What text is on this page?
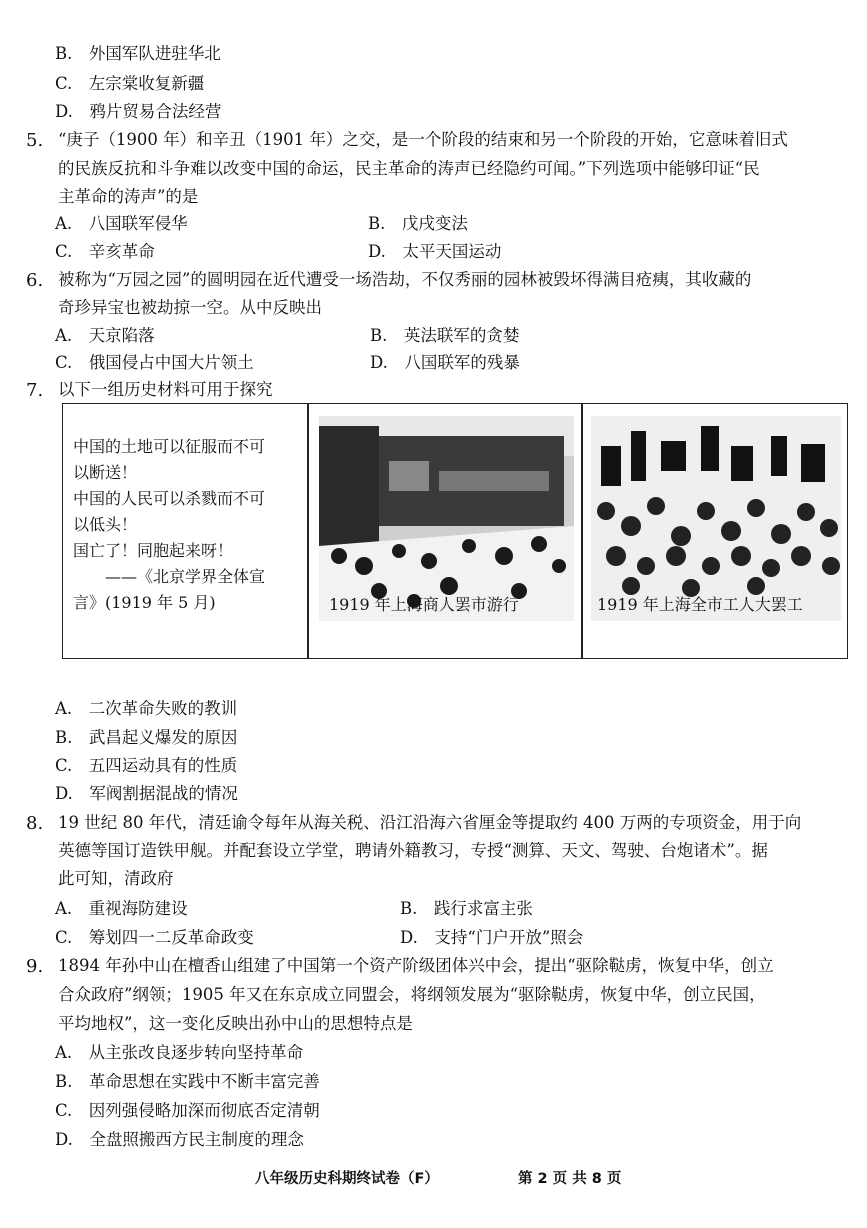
B.　外国军队进驻华北
C.　左宗棠收复新疆
D.　鸦片贸易合法经营
5. “庚子（1900 年）和辛丑（1901 年）之交，是一个阶段的结束和另一个阶段的开始，它意味着旧式
的民族反抗和斗争难以改变中国的命运，民主革命的涛声已经隐约可闻。”下列选项中能够印证“民
主革命的涛声”的是
A.　八国联军侵华	B.　戊戌变法
C.　辛亥革命	D.　太平天国运动
6. 被称为“万园之园”的圆明园在近代遭受一场浩劫，不仅秀丽的园林被毁坏得满目疮痍，其收藏的
奇珍异宝也被劫掠一空。从中反映出
A.　天京陷落	B.　英法联军的贪婪
C.　俄国侵占中国大片领土	D.　八国联军的残暴
7. 以下一组历史材料可用于探究
中国的土地可以征服而不可
以断送！
中国的人民可以杀戮而不可
以低头！
国亡了！同胞起来呀！
　　——《北京学界全体宣
言》(1919 年 5 月)	1919 年上海商人罢市游行	1919 年上海全市工人大罢工
A.　二次革命失败的教训
B.　武昌起义爆发的原因
C.　五四运动具有的性质
D.　军阀割据混战的情况
8. 19 世纪 80 年代，清廷谕令每年从海关税、沿江沿海六省厘金等提取约 400 万两的专项资金，用于向
英德等国订造铁甲舰。并配套设立学堂，聘请外籍教习，专授“测算、天文、驾驶、台炮诸术”。据
此可知，清政府
A.　重视海防建设	B.　践行求富主张
C.　筹划四一二反革命政变	D.　支持“门户开放”照会
9. 1894 年孙中山在檀香山组建了中国第一个资产阶级团体兴中会，提出“驱除鞑虏，恢复中华，创立
合众政府”纲领；1905 年又在东京成立同盟会，将纲领发展为“驱除鞑虏，恢复中华，创立民国，
平均地权”，这一变化反映出孙中山的思想特点是
A.　从主张改良逐步转向坚持革命
B.　革命思想在实践中不断丰富完善
C.　因列强侵略加深而彻底否定清朝
D.　全盘照搬西方民主制度的理念
八年级历史科期终试卷（F）	第 2 页 共 8 页
